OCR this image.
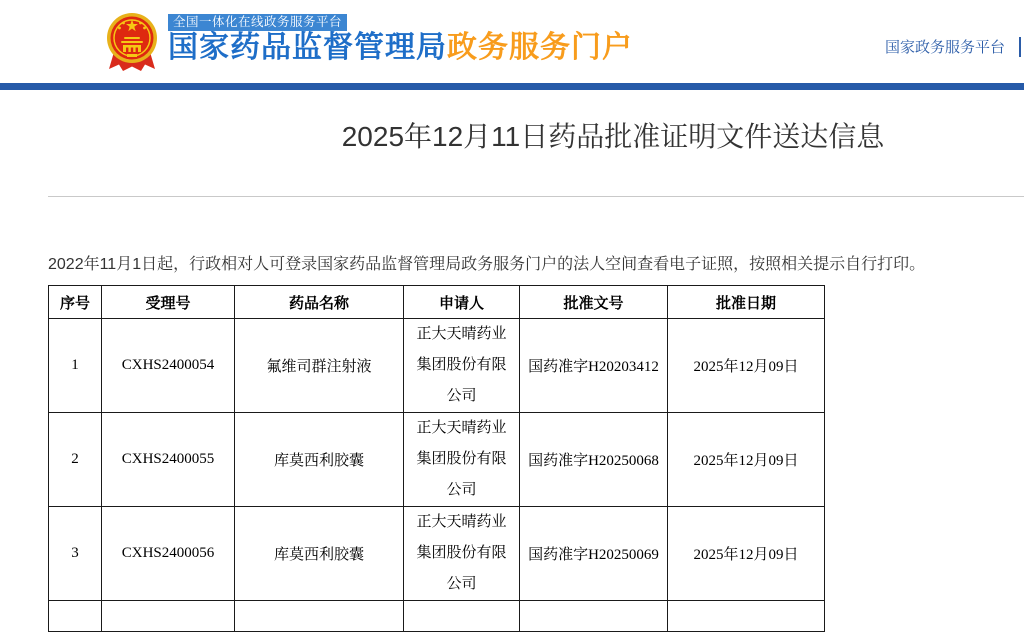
全国一体化在线政务服务平台
国家药品监督管理局政务服务门户	国家政务服务平台
2025年12月11日药品批准证明文件送达信息

2022年11月1日起，行政相对人可登录国家药品监督管理局政务服务门户的法人空间查看电子证照，按照相关提示自行打印。

序号	受理号	药品名称	申请人	批准文号	批准日期
1	CXHS2400054	氟维司群注射液	正大天晴药业集团股份有限公司	国药准字H20203412	2025年12月09日
2	CXHS2400055	库莫西利胶囊	正大天晴药业集团股份有限公司	国药准字H20250068	2025年12月09日
3	CXHS2400056	库莫西利胶囊	正大天晴药业集团股份有限公司	国药准字H20250069	2025年12月09日
